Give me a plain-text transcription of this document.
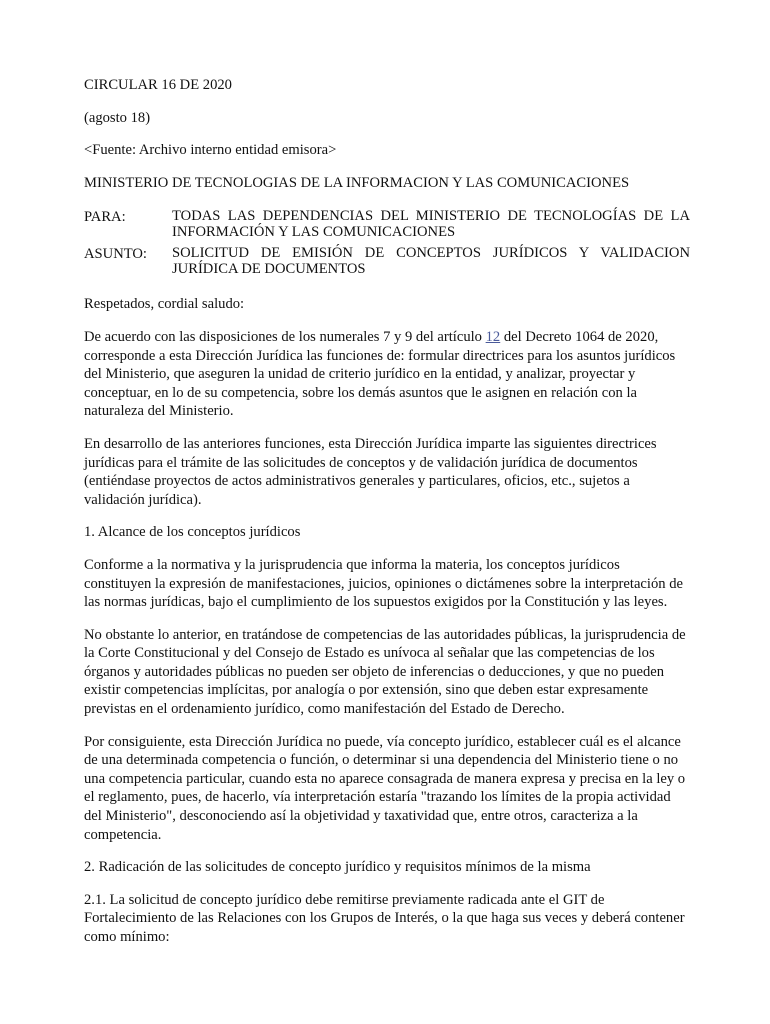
CIRCULAR 16 DE 2020

(agosto 18)

<Fuente: Archivo interno entidad emisora>

MINISTERIO DE TECNOLOGIAS DE LA INFORMACION Y LAS COMUNICACIONES

PARA:	TODAS LAS DEPENDENCIAS DEL MINISTERIO DE TECNOLOGÍAS DE LA INFORMACIÓN Y LAS COMUNICACIONES
ASUNTO:	SOLICITUD DE EMISIÓN DE CONCEPTOS JURÍDICOS Y VALIDACION JURÍDICA DE DOCUMENTOS

Respetados, cordial saludo:

De acuerdo con las disposiciones de los numerales 7 y 9 del artículo 12 del Decreto 1064 de 2020, corresponde a esta Dirección Jurídica las funciones de: formular directrices para los asuntos jurídicos del Ministerio, que aseguren la unidad de criterio jurídico en la entidad, y analizar, proyectar y conceptuar, en lo de su competencia, sobre los demás asuntos que le asignen en relación con la naturaleza del Ministerio.

En desarrollo de las anteriores funciones, esta Dirección Jurídica imparte las siguientes directrices jurídicas para el trámite de las solicitudes de conceptos y de validación jurídica de documentos (entiéndase proyectos de actos administrativos generales y particulares, oficios, etc., sujetos a validación jurídica).

1. Alcance de los conceptos jurídicos

Conforme a la normativa y la jurisprudencia que informa la materia, los conceptos jurídicos constituyen la expresión de manifestaciones, juicios, opiniones o dictámenes sobre la interpretación de las normas jurídicas, bajo el cumplimiento de los supuestos exigidos por la Constitución y las leyes.

No obstante lo anterior, en tratándose de competencias de las autoridades públicas, la jurisprudencia de la Corte Constitucional y del Consejo de Estado es unívoca al señalar que las competencias de los órganos y autoridades públicas no pueden ser objeto de inferencias o deducciones, y que no pueden existir competencias implícitas, por analogía o por extensión, sino que deben estar expresamente previstas en el ordenamiento jurídico, como manifestación del Estado de Derecho.

Por consiguiente, esta Dirección Jurídica no puede, vía concepto jurídico, establecer cuál es el alcance de una determinada competencia o función, o determinar si una dependencia del Ministerio tiene o no una competencia particular, cuando esta no aparece consagrada de manera expresa y precisa en la ley o el reglamento, pues, de hacerlo, vía interpretación estaría "trazando los límites de la propia actividad del Ministerio", desconociendo así la objetividad y taxatividad que, entre otros, caracteriza a la competencia.

2. Radicación de las solicitudes de concepto jurídico y requisitos mínimos de la misma

2.1. La solicitud de concepto jurídico debe remitirse previamente radicada ante el GIT de Fortalecimiento de las Relaciones con los Grupos de Interés, o la que haga sus veces y deberá contener como mínimo:
